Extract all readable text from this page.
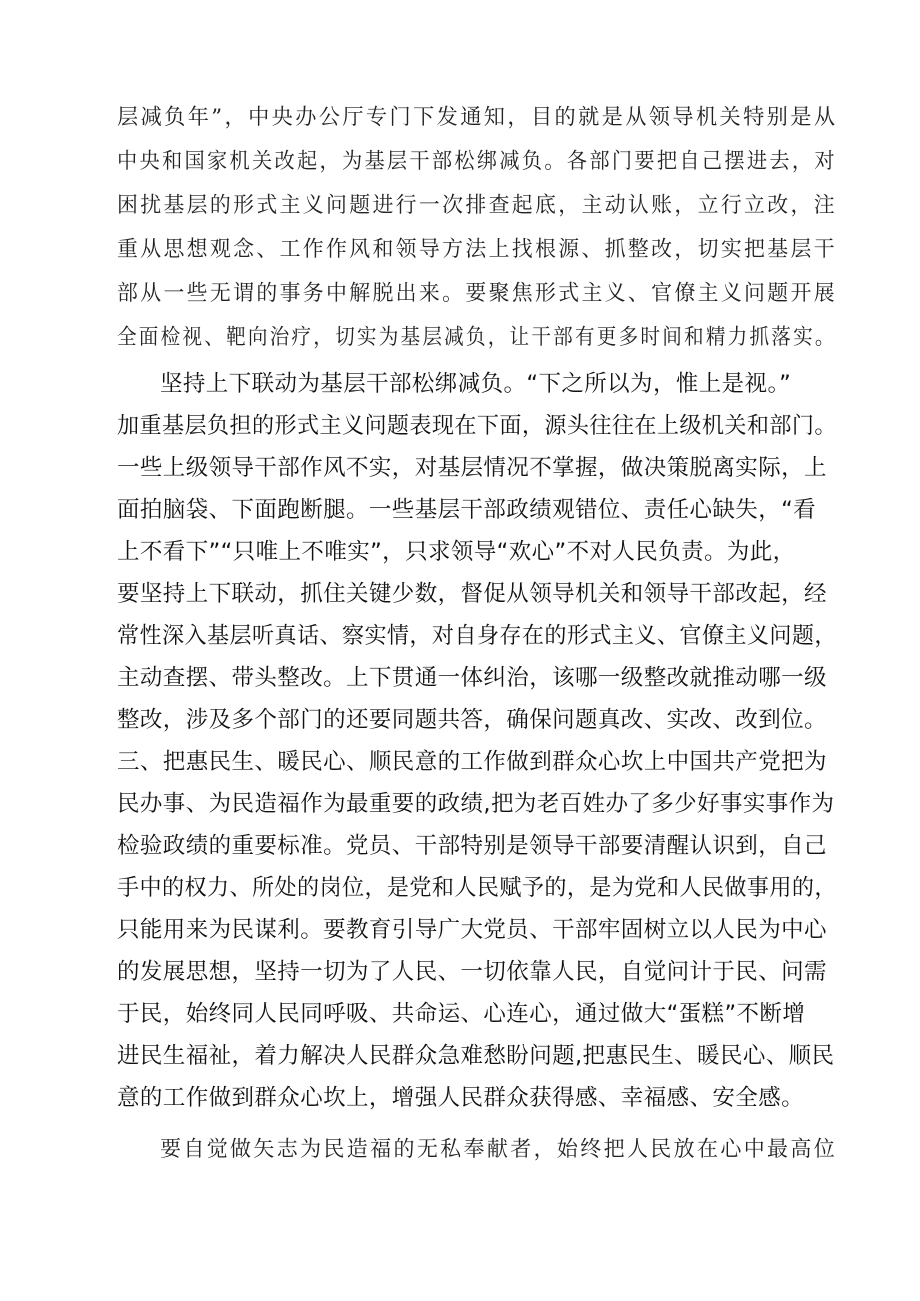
层减负年”，中央办公厅专门下发通知，目的就是从领导机关特别是从
中央和国家机关改起，为基层干部松绑减负。各部门要把自己摆进去，对
困扰基层的形式主义问题进行一次排查起底，主动认账，立行立改，注
重从思想观念、工作作风和领导方法上找根源、抓整改，切实把基层干
部从一些无谓的事务中解脱出来。要聚焦形式主义、官僚主义问题开展
全面检视、靶向治疗，切实为基层减负，让干部有更多时间和精力抓落实。
坚持上下联动为基层干部松绑减负。“下之所以为，惟上是视。”
加重基层负担的形式主义问题表现在下面，源头往往在上级机关和部门。
一些上级领导干部作风不实，对基层情况不掌握，做决策脱离实际，上
面拍脑袋、下面跑断腿。一些基层干部政绩观错位、责任心缺失，“看
上不看下”“只唯上不唯实”，只求领导“欢心”不对人民负责。为此，
要坚持上下联动，抓住关键少数，督促从领导机关和领导干部改起，经
常性深入基层听真话、察实情，对自身存在的形式主义、官僚主义问题，
主动查摆、带头整改。上下贯通一体纠治，该哪一级整改就推动哪一级
整改，涉及多个部门的还要同题共答，确保问题真改、实改、改到位。
三、把惠民生、暖民心、顺民意的工作做到群众心坎上中国共产党把为
民办事、为民造福作为最重要的政绩,把为老百姓办了多少好事实事作为
检验政绩的重要标准。党员、干部特别是领导干部要清醒认识到，自己
手中的权力、所处的岗位，是党和人民赋予的，是为党和人民做事用的，
只能用来为民谋利。要教育引导广大党员、干部牢固树立以人民为中心
的发展思想，坚持一切为了人民、一切依靠人民，自觉问计于民、问需
于民，始终同人民同呼吸、共命运、心连心，通过做大“蛋糕”不断增
进民生福祉，着力解决人民群众急难愁盼问题,把惠民生、暖民心、顺民
意的工作做到群众心坎上，增强人民群众获得感、幸福感、安全感。
要自觉做矢志为民造福的无私奉献者，始终把人民放在心中最高位
